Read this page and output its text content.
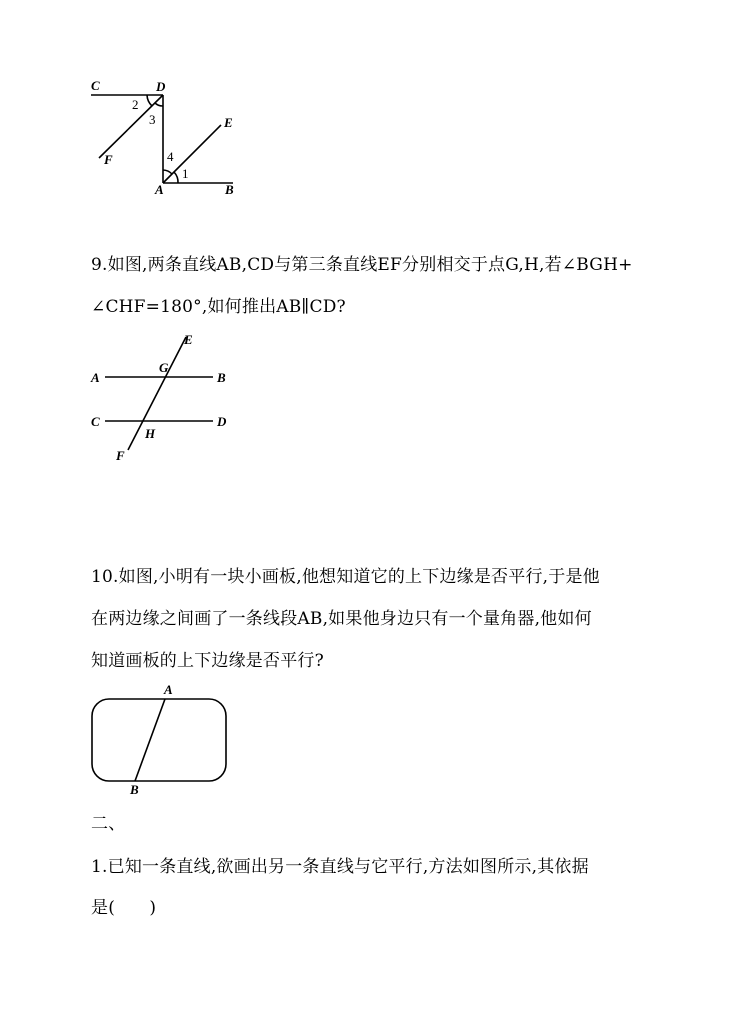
C	D
E
F
A	B
2
3
4
1
9.如图,两条直线AB,CD与第三条直线EF分别相交于点G,H,若∠BGH+
∠CHF=180°,如何推出AB∥CD?
A	B
C	D
E
F
G
H
10.如图,小明有一块小画板,他想知道它的上下边缘是否平行,于是他
在两边缘之间画了一条线段AB,如果他身边只有一个量角器,他如何
知道画板的上下边缘是否平行?
A
B
二、
1.已知一条直线,欲画出另一条直线与它平行,方法如图所示,其依据
是(　　)
